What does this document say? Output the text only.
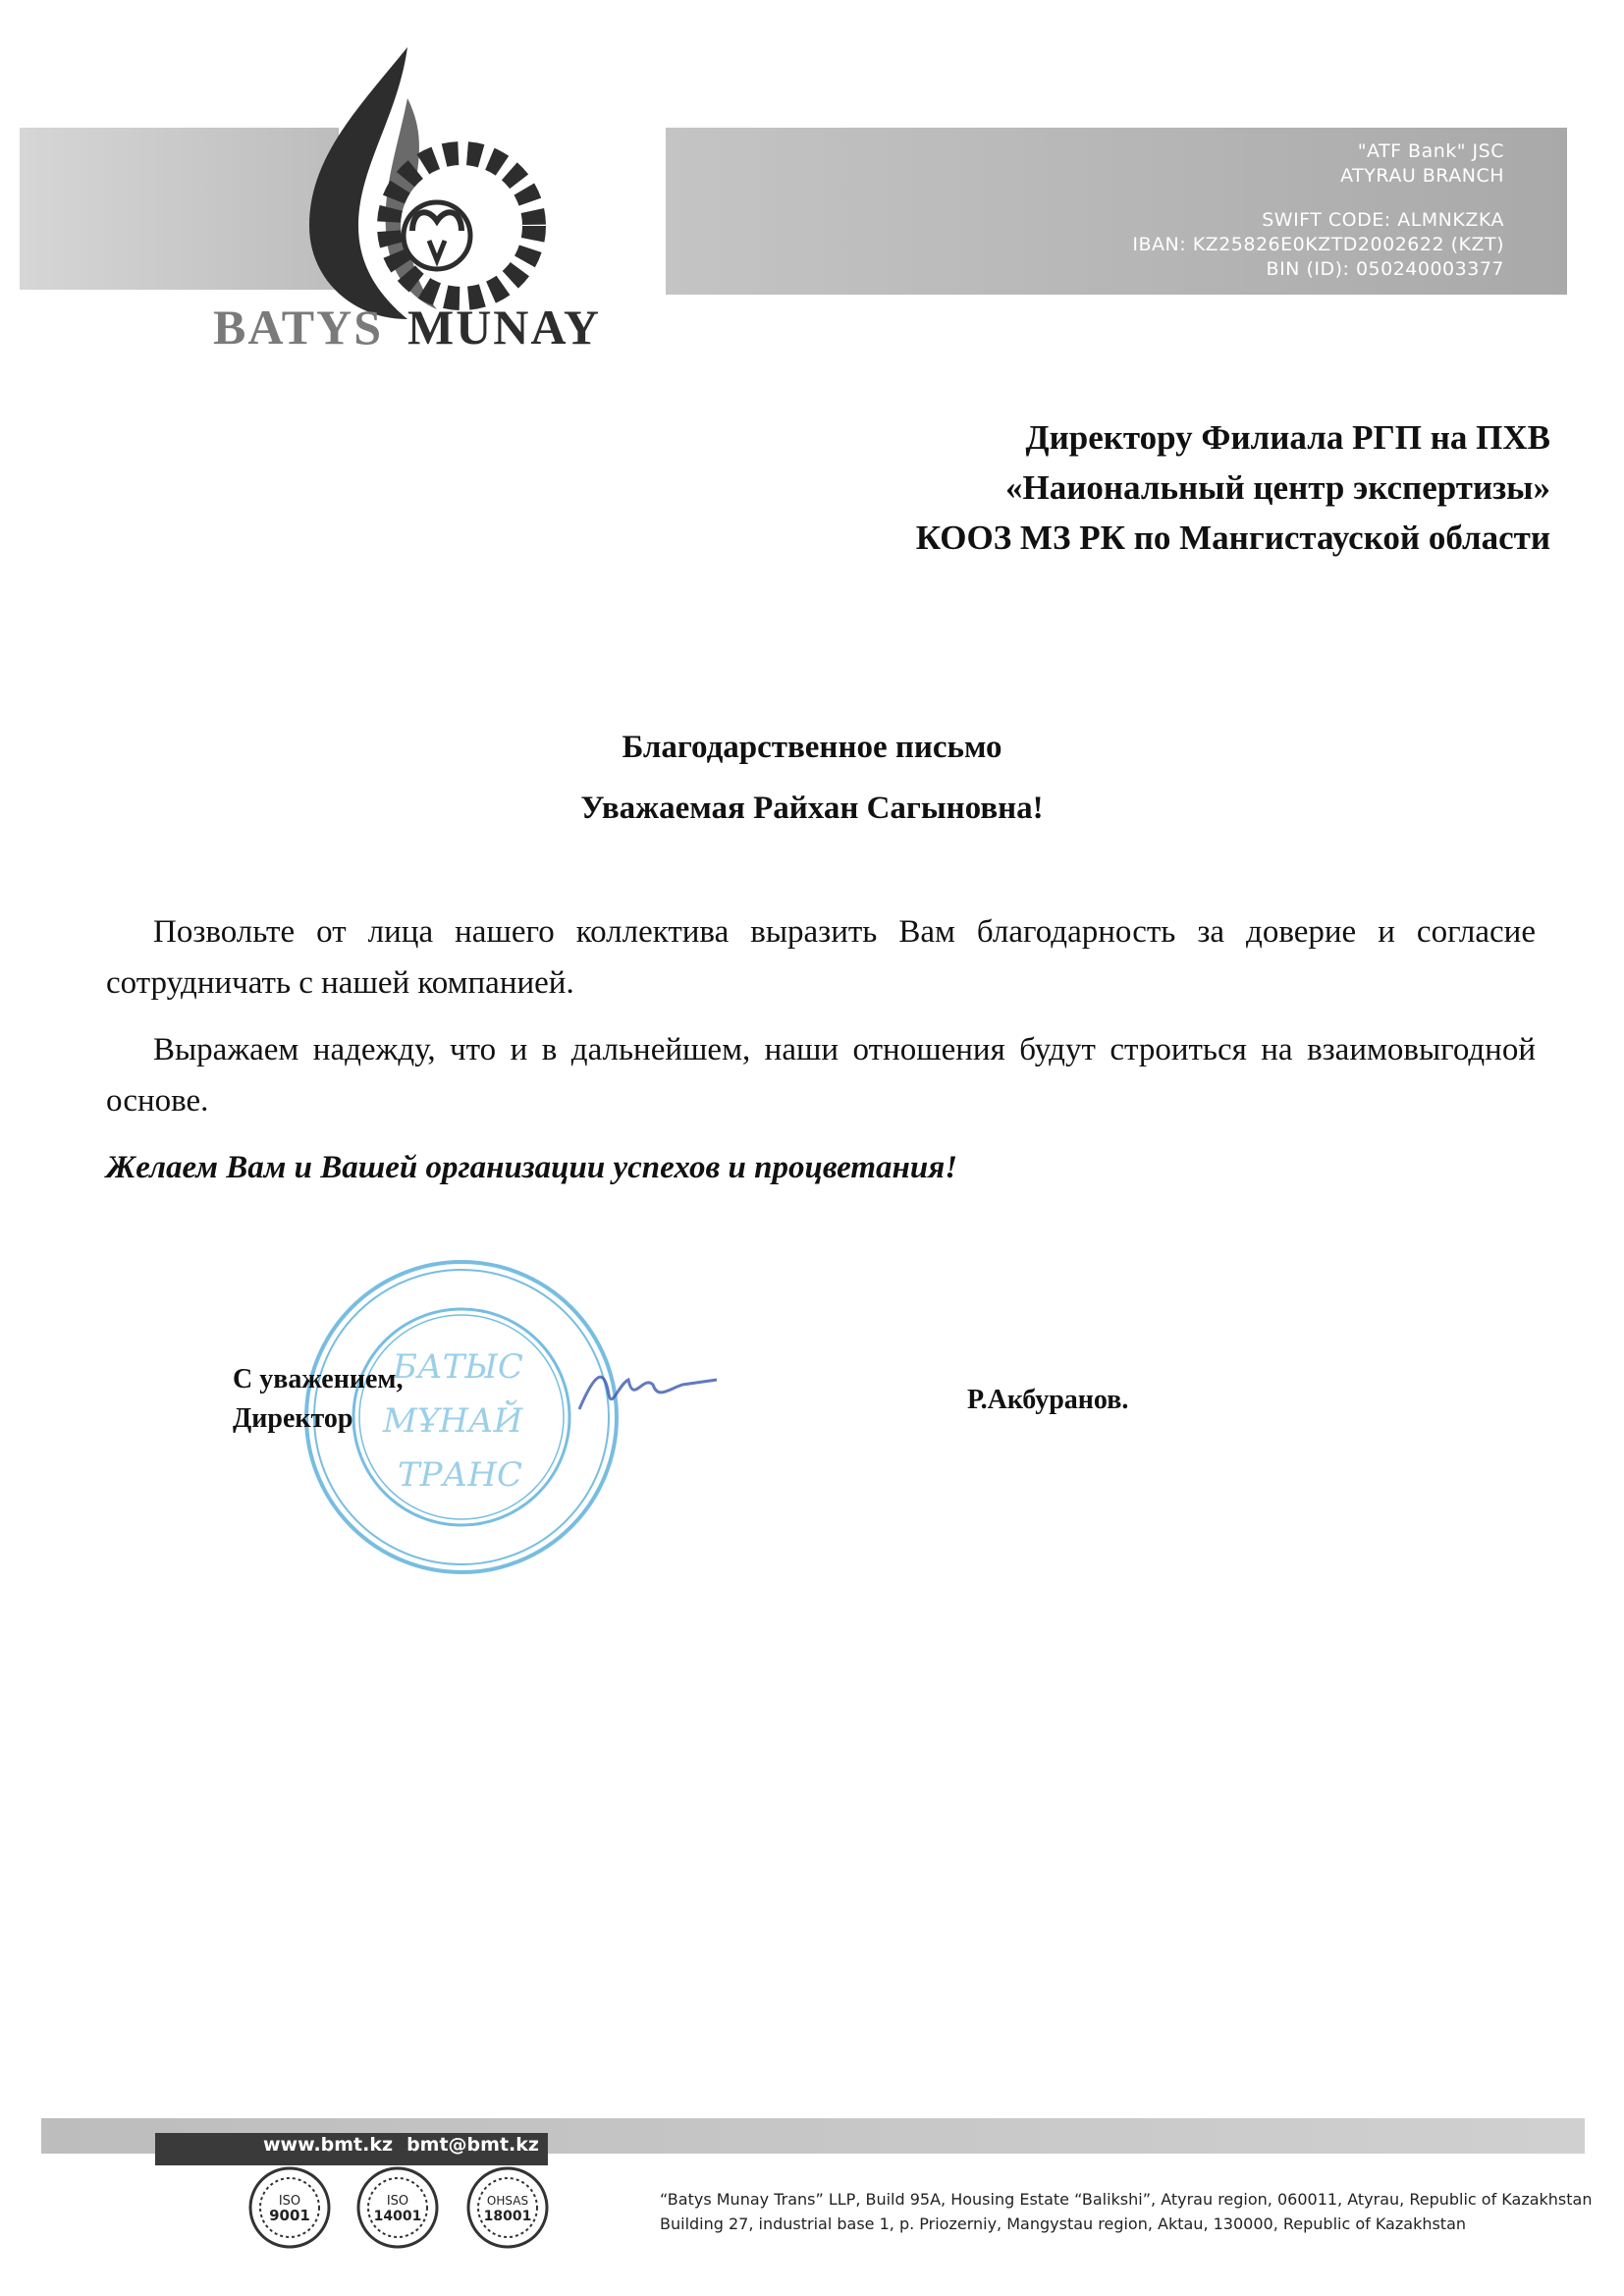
BATYS MUNAY
"ATF Bank" JSC
ATYRAU BRANCH
SWIFT CODE: ALMNKZKA
IBAN: KZ25826E0KZTD2002622 (KZT)
BIN (ID): 050240003377
Директору Филиала РГП на ПХВ
«Наиональный центр экспертизы»
КООЗ МЗ РК по Мангистауской области
Благодарственное письмо
Уважаемая Райхан Сагыновна!

Позвольте от лица нашего коллектива выразить Вам благодарность за доверие и согласие сотрудничать с нашей компанией.

Выражаем надежду, что и в дальнейшем, наши отношения будут строиться на взаимовыгодной основе.

Желаем Вам и Вашей организации успехов и процветания!

БАТЫС
МҰНАЙ
ТРАНС
С уважением,
Директор
Р.Акбуранов.
www.bmt.kz bmt@bmt.kz
ISO
9001
ISO
14001
OHSAS
18001
“Batys Munay Trans” LLP, Build 95A, Housing Estate “Balikshi”, Atyrau region, 060011, Atyrau, Republic of Kazakhstan
Building 27, industrial base 1, p. Priozerniy, Mangystau region, Aktau, 130000, Republic of Kazakhstan
